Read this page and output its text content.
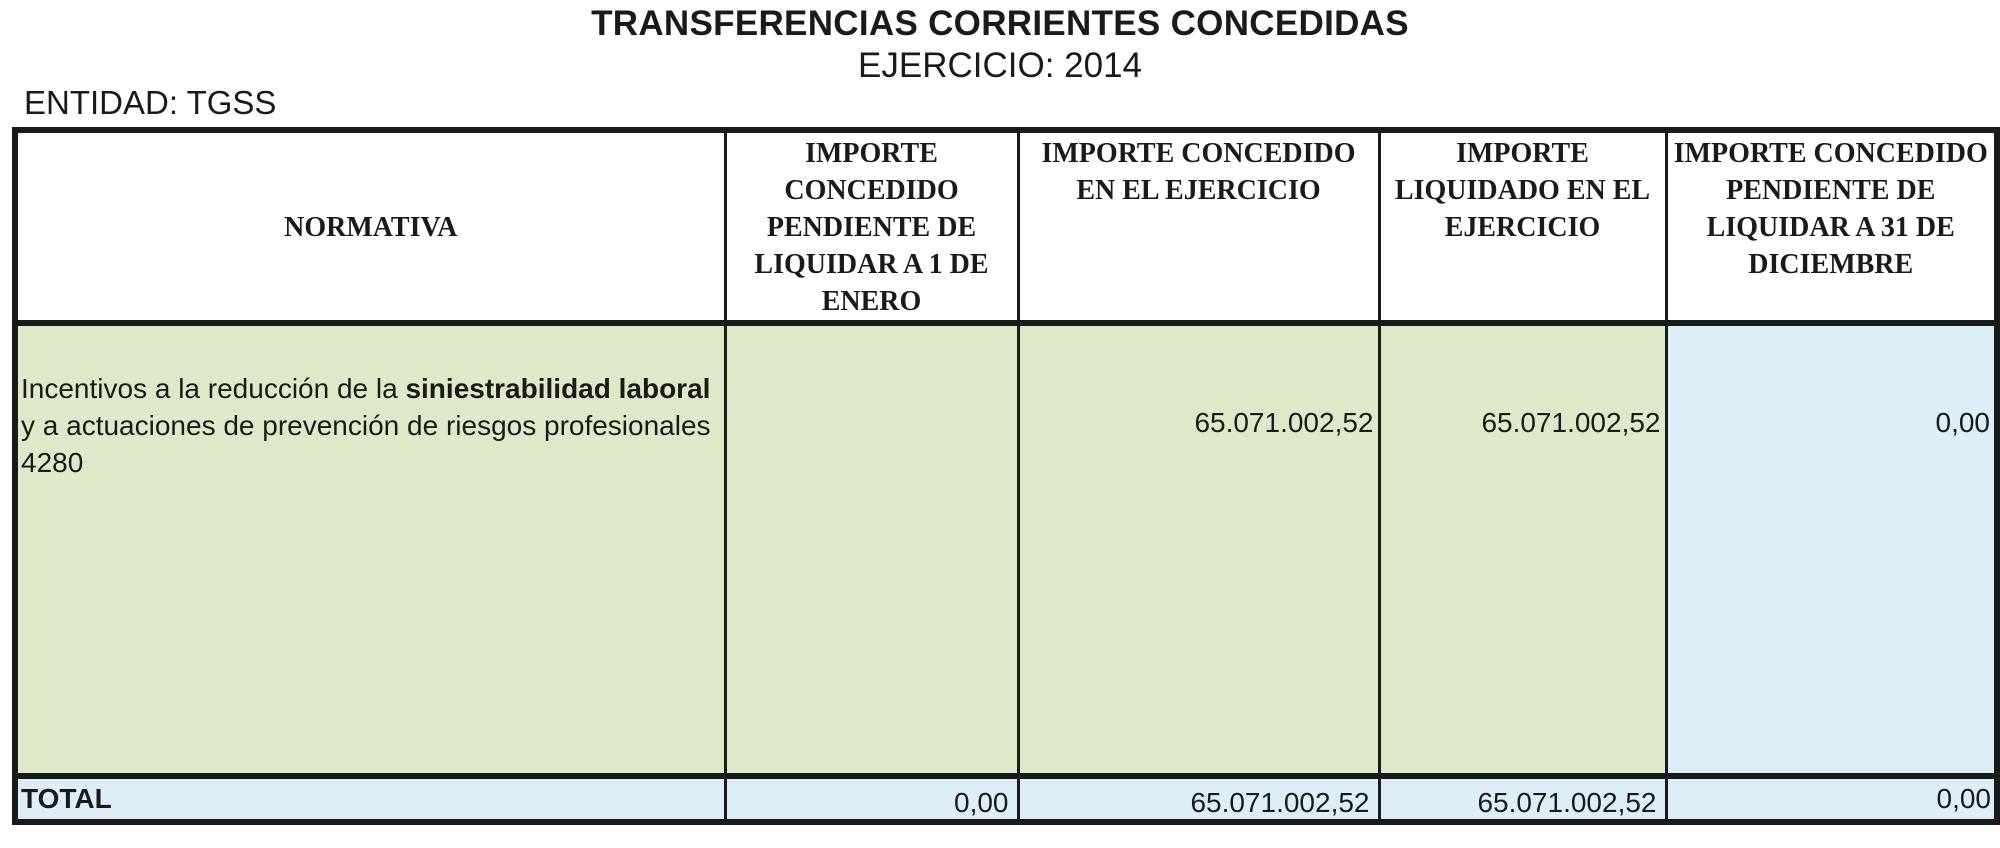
TRANSFERENCIAS CORRIENTES CONCEDIDAS
EJERCICIO: 2014
ENTIDAD: TGSS
NORMATIVA	IMPORTE CONCEDIDO PENDIENTE DE LIQUIDAR A 1 DE ENERO	IMPORTE CONCEDIDO EN EL EJERCICIO	IMPORTE LIQUIDADO EN EL EJERCICIO	IMPORTE CONCEDIDO PENDIENTE DE LIQUIDAR A 31 DE DICIEMBRE
Incentivos a la reducción de la siniestrabilidad laboral y a actuaciones de prevención de riesgos profesionales 4280		65.071.002,52	65.071.002,52	0,00
TOTAL	0,00	65.071.002,52	65.071.002,52	0,00
